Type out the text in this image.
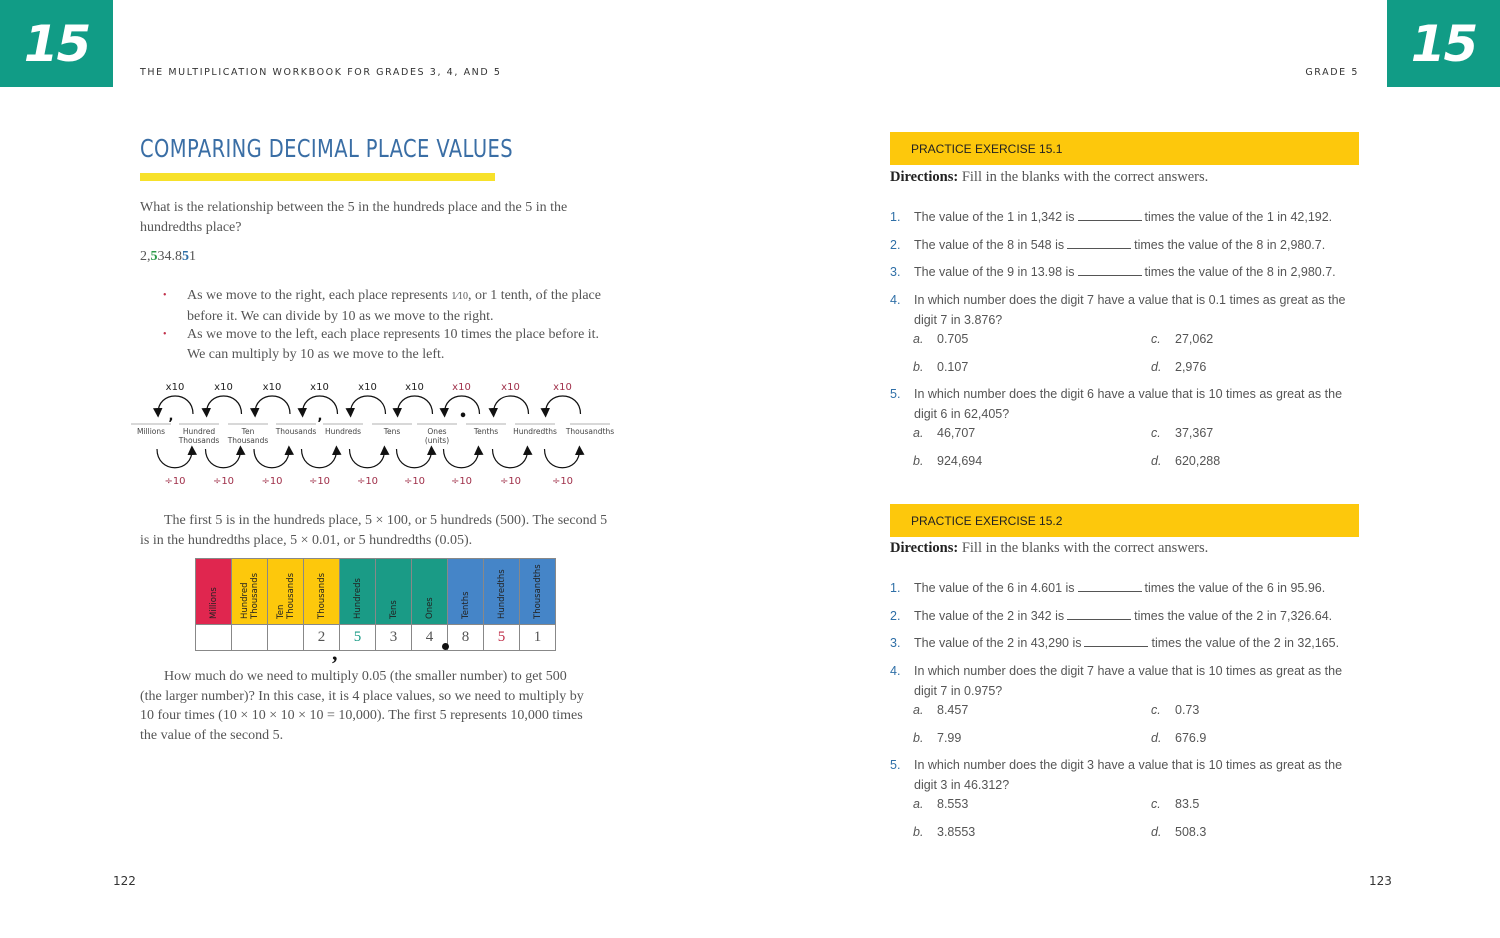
15	15
THE MULTIPLICATION WORKBOOK FOR GRADES 3, 4, AND 5	GRADE 5
COMPARING DECIMAL PLACE VALUES
What is the relationship between the 5 in the hundreds place and the 5 in the hundredths place?
2,534.851
• As we move to the right, each place represents 1⁄10, or 1 tenth, of the place before it. We can divide by 10 as we move to the right.
• As we move to the left, each place represents 10 times the place before it. We can multiply by 10 as we move to the left.
Millions Hundred
Thousands
Ten
Thousands
Thousands Hundreds	Tens	Ones
(units)
Tenths Hundredths Thousandths
,	,	•
x10
÷10
x10
÷10
x10
÷10
x10
÷10
x10
÷10
x10
÷10
x10
÷10
x10
÷10
x10
÷10
The first 5 is in the hundreds place, 5 × 100, or 5 hundreds (500). The second 5 is in the hundredths place, 5 × 0.01, or 5 hundredths (0.05).
Millions	Hundred Thousands	Ten Thousands	Thousands	Hundreds	Tens	Ones	Tenths	Hundredths	Thousandths
			2	5	3	4	8	5	1
,
How much do we need to multiply 0.05 (the smaller number) to get 500 (the larger number)? In this case, it is 4 place values, so we need to multiply by 10 four times (10 × 10 × 10 × 10 = 10,000). The first 5 represents 10,000 times the value of the second 5.
122	123
PRACTICE EXERCISE 15.1
Directions: Fill in the blanks with the correct answers.
1. The value of the 1 in 1,342 is	times the value of the 1 in 42,192.
2. The value of the 8 in 548 is	times the value of the 8 in 2,980.7.
3. The value of the 9 in 13.98 is	times the value of the 8 in 2,980.7.
4. In which number does the digit 7 have a value that is 0.1 times as great as the digit 7 in 3.876?
a. 0.705	c. 27,062
b. 0.107	d. 2,976
5. In which number does the digit 6 have a value that is 10 times as great as the digit 6 in 62,405?
a. 46,707	c. 37,367
b. 924,694	d. 620,288
PRACTICE EXERCISE 15.2
Directions: Fill in the blanks with the correct answers.
1. The value of the 6 in 4.601 is	times the value of the 6 in 95.96.
2. The value of the 2 in 342 is	times the value of the 2 in 7,326.64.
3. The value of the 2 in 43,290 is	times the value of the 2 in 32,165.
4. In which number does the digit 7 have a value that is 10 times as great as the digit 7 in 0.975?
a. 8.457	c. 0.73
b. 7.99	d. 676.9
5. In which number does the digit 3 have a value that is 10 times as great as the digit 3 in 46.312?
a. 8.553	c. 83.5
b. 3.8553	d. 508.3
